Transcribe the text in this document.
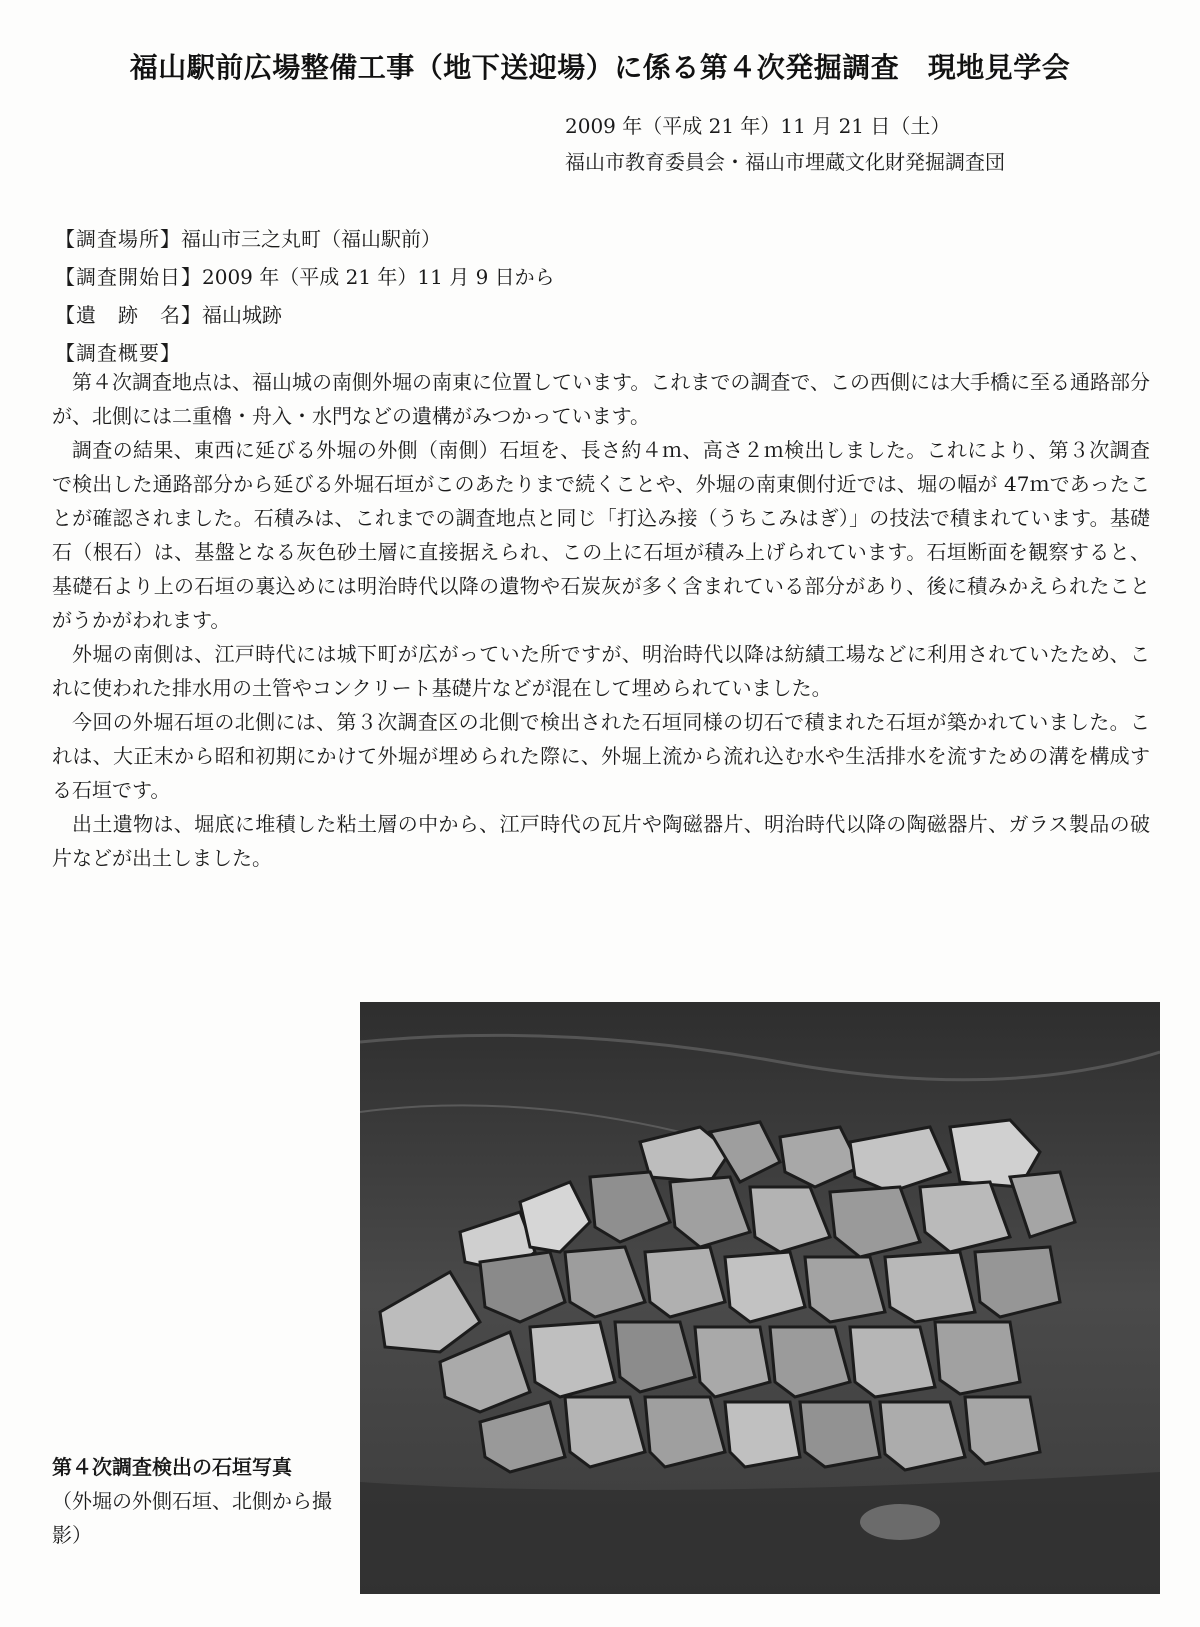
福山駅前広場整備工事（地下送迎場）に係る第４次発掘調査　現地見学会
2009 年（平成 21 年）11 月 21 日（土）
福山市教育委員会・福山市埋蔵文化財発掘調査団
【調査場所】福山市三之丸町（福山駅前）
【調査開始日】2009 年（平成 21 年）11 月 9 日から
【遺　跡　名】福山城跡
【調査概要】

第４次調査地点は、福山城の南側外堀の南東に位置しています。これまでの調査で、この西側には大手橋に至る通路部分が、北側には二重櫓・舟入・水門などの遺構がみつかっています。

調査の結果、東西に延びる外堀の外側（南側）石垣を、長さ約４ｍ、高さ２ｍ検出しました。これにより、第３次調査で検出した通路部分から延びる外堀石垣がこのあたりまで続くことや、外堀の南東側付近では、堀の幅が 47ｍであったことが確認されました。石積みは、これまでの調査地点と同じ「打込み接（うちこみはぎ）」の技法で積まれています。基礎石（根石）は、基盤となる灰色砂土層に直接据えられ、この上に石垣が積み上げられています。石垣断面を観察すると、基礎石より上の石垣の裏込めには明治時代以降の遺物や石炭灰が多く含まれている部分があり、後に積みかえられたことがうかがわれます。

外堀の南側は、江戸時代には城下町が広がっていた所ですが、明治時代以降は紡績工場などに利用されていたため、これに使われた排水用の土管やコンクリート基礎片などが混在して埋められていました。

今回の外堀石垣の北側には、第３次調査区の北側で検出された石垣同様の切石で積まれた石垣が築かれていました。これは、大正末から昭和初期にかけて外堀が埋められた際に、外堀上流から流れ込む水や生活排水を流すための溝を構成する石垣です。

出土遺物は、堀底に堆積した粘土層の中から、江戸時代の瓦片や陶磁器片、明治時代以降の陶磁器片、ガラス製品の破片などが出土しました。

第４次調査検出の石垣写真
（外堀の外側石垣、北側から撮影）
